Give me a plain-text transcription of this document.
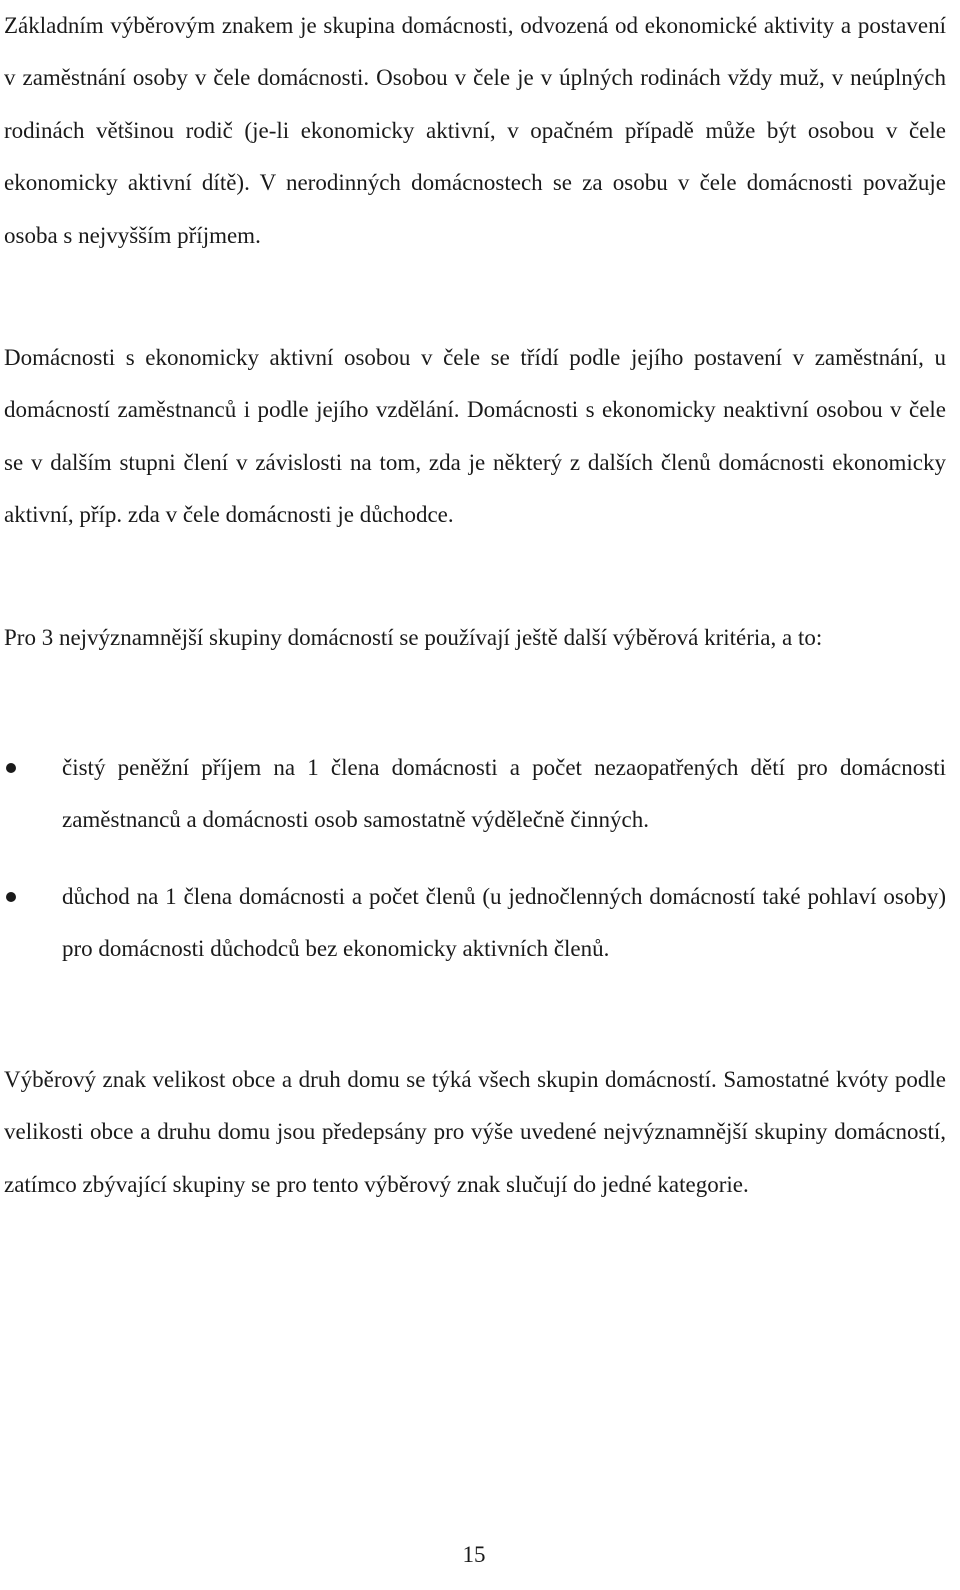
Základním výběrovým znakem je skupina domácnosti, odvozená od ekonomické aktivity a postavení v zaměstnání osoby v čele domácnosti. Osobou v čele je v úplných rodinách vždy muž, v neúplných rodinách většinou rodič (je-li ekonomicky aktivní, v opačném případě může být osobou v čele ekonomicky aktivní dítě). V nerodinných domácnostech se za osobu v čele domácnosti považuje osoba s nejvyšším příjmem.

Domácnosti s ekonomicky aktivní osobou v čele se třídí podle jejího postavení v zaměstnání, u domácností zaměstnanců i podle jejího vzdělání. Domácnosti s ekonomicky neaktivní osobou v čele se v dalším stupni člení v závislosti na tom, zda je některý z dalších členů domácnosti ekonomicky aktivní, příp. zda v čele domácnosti je důchodce.

Pro 3 nejvýznamnější skupiny domácností se používají ještě další výběrová kritéria, a to:

čistý peněžní příjem na 1 člena domácnosti a počet nezaopatřených dětí pro domácnosti zaměstnanců a domácnosti osob samostatně výdělečně činných.
důchod na 1 člena domácnosti a počet členů (u jednočlenných domácností také pohlaví osoby) pro domácnosti důchodců bez ekonomicky aktivních členů.

Výběrový znak velikost obce a druh domu se týká všech skupin domácností. Samostatné kvóty podle velikosti obce a druhu domu jsou předepsány pro výše uvedené nejvýznamnější skupiny domácností, zatímco zbývající skupiny se pro tento výběrový znak slučují do jedné kategorie.

15
